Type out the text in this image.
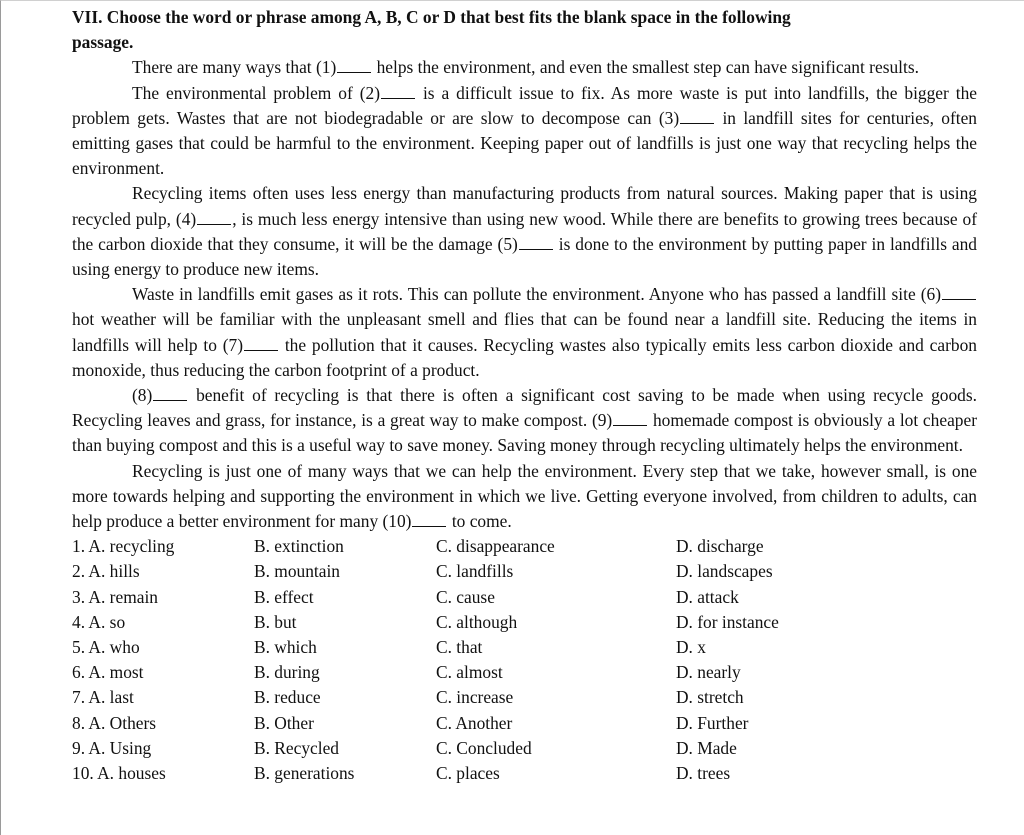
VII. Choose the word or phrase among A, B, C or D that best fits the blank space in the following
passage.

There are many ways that (1) helps the environment, and even the smallest step can have significant results.

The environmental problem of (2) is a difficult issue to fix. As more waste is put into landfills, the bigger the problem gets. Wastes that are not biodegradable or are slow to decompose can (3) in landfill sites for centuries, often emitting gases that could be harmful to the environment. Keeping paper out of landfills is just one way that recycling helps the environment.

Recycling items often uses less energy than manufacturing products from natural sources. Making paper that is using recycled pulp, (4) , is much less energy intensive than using new wood. While there are benefits to growing trees because of the carbon dioxide that they consume, it will be the damage (5) is done to the environment by putting paper in landfills and using energy to produce new items.

Waste in landfills emit gases as it rots. This can pollute the environment. Anyone who has passed a landfill site (6) hot weather will be familiar with the unpleasant smell and flies that can be found near a landfill site. Reducing the items in landfills will help to (7) the pollution that it causes. Recycling wastes also typically emits less carbon dioxide and carbon monoxide, thus reducing the carbon footprint of a product.

(8) benefit of recycling is that there is often a significant cost saving to be made when using recycle goods. Recycling leaves and grass, for instance, is a great way to make compost. (9) homemade compost is obviously a lot cheaper than buying compost and this is a useful way to save money. Saving money through recycling ultimately helps the environment.

Recycling is just one of many ways that we can help the environment. Every step that we take, however small, is one more towards helping and supporting the environment in which we live. Getting everyone involved, from children to adults, can help produce a better environment for many (10) to come.

1. A. recycling	B. extinction	C. disappearance	D. discharge
2. A. hills	B. mountain	C. landfills	D. landscapes
3. A. remain	B. effect	C. cause	D. attack
4. A. so	B. but	C. although	D. for instance
5. A. who	B. which	C. that	D. x
6. A. most	B. during	C. almost	D. nearly
7. A. last	B. reduce	C. increase	D. stretch
8. A. Others	B. Other	C. Another	D. Further
9. A. Using	B. Recycled	C. Concluded	D. Made
10. A. houses	B. generations	C. places	D. trees
